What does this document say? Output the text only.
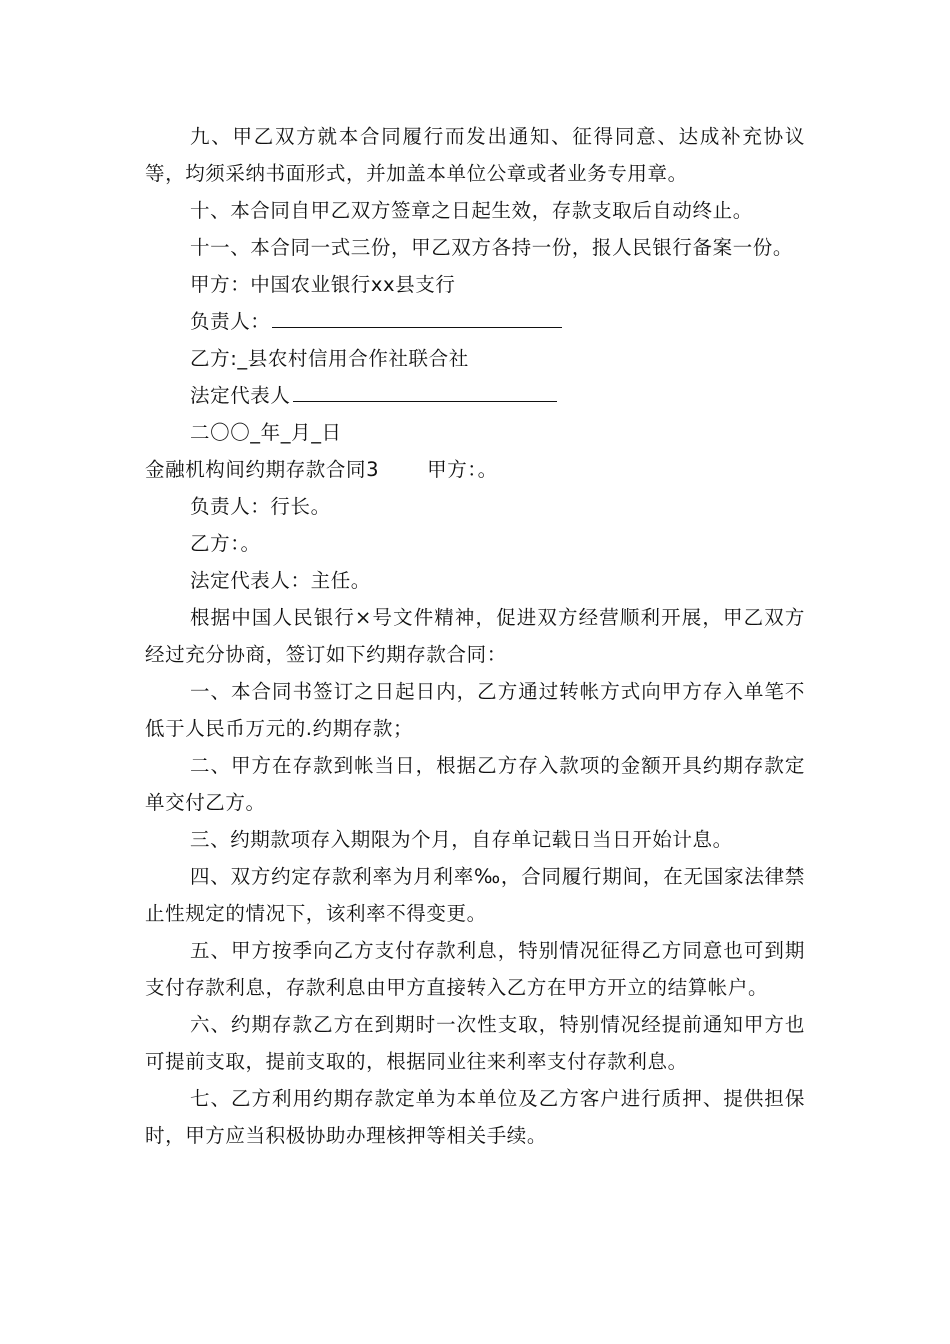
九、甲乙双方就本合同履行而发出通知、征得同意、达成补充协议等，均须采纳书面形式，并加盖本单位公章或者业务专用章。

十、本合同自甲乙双方签章之日起生效，存款支取后自动终止。

十一、本合同一式三份，甲乙双方各持一份，报人民银行备案一份。

甲方：中国农业银行xx县支行

负责人：

乙方:_县农村信用合作社联合社

法定代表人

二〇〇_年_月_日

金融机构间约期存款合同3 甲方：。

负责人：行长。

乙方：。

法定代表人：主任。

根据中国人民银行×号文件精神，促进双方经营顺利开展，甲乙双方经过充分协商，签订如下约期存款合同：

一、本合同书签订之日起日内，乙方通过转帐方式向甲方存入单笔不低于人民币万元的.约期存款；

二、甲方在存款到帐当日，根据乙方存入款项的金额开具约期存款定单交付乙方。

三、约期款项存入期限为个月，自存单记载日当日开始计息。

四、双方约定存款利率为月利率‰，合同履行期间，在无国家法律禁止性规定的情况下，该利率不得变更。

五、甲方按季向乙方支付存款利息，特别情况征得乙方同意也可到期支付存款利息，存款利息由甲方直接转入乙方在甲方开立的结算帐户。

六、约期存款乙方在到期时一次性支取，特别情况经提前通知甲方也可提前支取，提前支取的，根据同业往来利率支付存款利息。

七、乙方利用约期存款定单为本单位及乙方客户进行质押、提供担保时，甲方应当积极协助办理核押等相关手续。
